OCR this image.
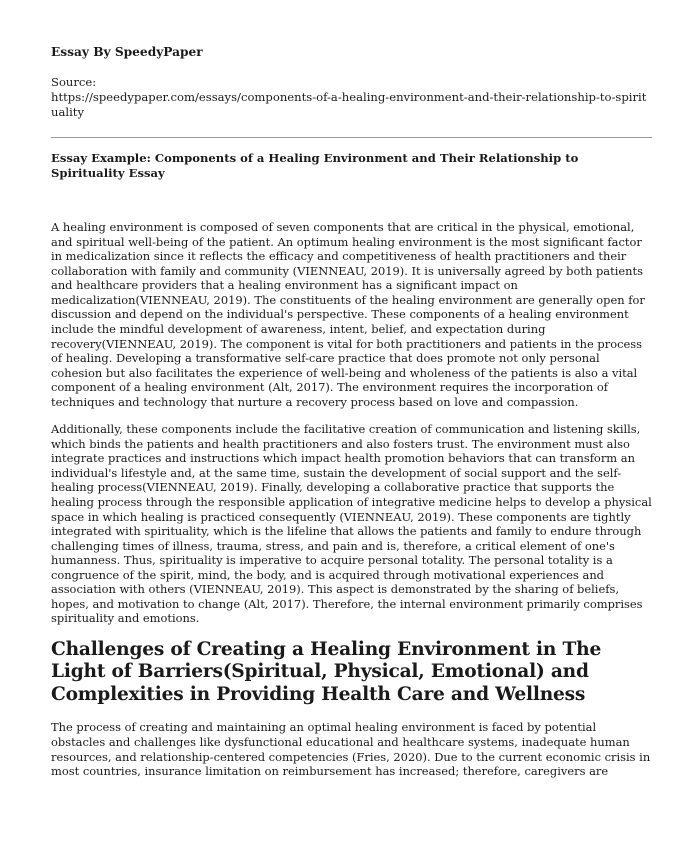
Essay By SpeedyPaper

Source:

https://speedypaper.com/essays/components-of-a-healing-environment-and-their-relationship-to-spirituality

Essay Example: Components of a Healing Environment and Their Relationship to Spirituality Essay

A healing environment is composed of seven components that are critical in the physical, emotional, and spiritual well-being of the patient. An optimum healing environment is the most significant factor in medicalization since it reflects the efficacy and competitiveness of health practitioners and their collaboration with family and community (VIENNEAU, 2019). It is universally agreed by both patients and healthcare providers that a healing environment has a significant impact on medicalization(VIENNEAU, 2019). The constituents of the healing environment are generally open for discussion and depend on the individual's perspective. These components of a healing environment include the mindful development of awareness, intent, belief, and expectation during recovery(VIENNEAU, 2019). The component is vital for both practitioners and patients in the process of healing. Developing a transformative self-care practice that does promote not only personal cohesion but also facilitates the experience of well-being and wholeness of the patients is also a vital component of a healing environment (Alt, 2017). The environment requires the incorporation of techniques and technology that nurture a recovery process based on love and compassion.

Additionally, these components include the facilitative creation of communication and listening skills, which binds the patients and health practitioners and also fosters trust. The environment must also integrate practices and instructions which impact health promotion behaviors that can transform an individual's lifestyle and, at the same time, sustain the development of social support and the self-healing process(VIENNEAU, 2019). Finally, developing a collaborative practice that supports the healing process through the responsible application of integrative medicine helps to develop a physical space in which healing is practiced consequently (VIENNEAU, 2019). These components are tightly integrated with spirituality, which is the lifeline that allows the patients and family to endure through challenging times of illness, trauma, stress, and pain and is, therefore, a critical element of one's humanness. Thus, spirituality is imperative to acquire personal totality. The personal totality is a congruence of the spirit, mind, the body, and is acquired through motivational experiences and association with others (VIENNEAU, 2019). This aspect is demonstrated by the sharing of beliefs, hopes, and motivation to change (Alt, 2017). Therefore, the internal environment primarily comprises spirituality and emotions.

Challenges of Creating a Healing Environment in The Light of Barriers(Spiritual, Physical, Emotional) and Complexities in Providing Health Care and Wellness

The process of creating and maintaining an optimal healing environment is faced by potential obstacles and challenges like dysfunctional educational and healthcare systems, inadequate human resources, and relationship-centered competencies (Fries, 2020). Due to the current economic crisis in most countries, insurance limitation on reimbursement has increased; therefore, caregivers are
